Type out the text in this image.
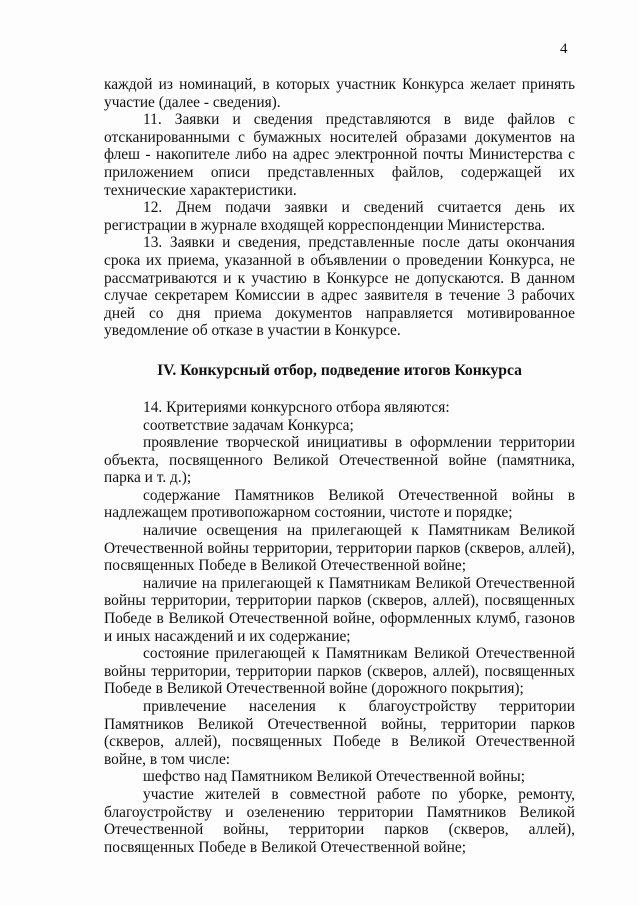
4

каждой из номинаций, в которых участник Конкурса желает принять участие (далее - сведения).

11. Заявки и сведения представляются в виде файлов с отсканированными с бумажных носителей образами документов на флеш - накопителе либо на адрес электронной почты Министерства с приложением описи представленных файлов, содержащей их технические характеристики.

12. Днем подачи заявки и сведений считается день их регистрации в журнале входящей корреспонденции Министерства.

13. Заявки и сведения, представленные после даты окончания срока их приема, указанной в объявлении о проведении Конкурса, не рассматриваются и к участию в Конкурсе не допускаются. В данном случае секретарем Комиссии в адрес заявителя в течение 3 рабочих дней со дня приема документов направляется мотивированное уведомление об отказе в участии в Конкурсе.

IV. Конкурсный отбор, подведение итогов Конкурса

14. Критериями конкурсного отбора являются:

соответствие задачам Конкурса;

проявление творческой инициативы в оформлении территории объекта, посвященного Великой Отечественной войне (памятника, парка и т. д.);

содержание Памятников Великой Отечественной войны в надлежащем противопожарном состоянии, чистоте и порядке;

наличие освещения на прилегающей к Памятникам Великой Отечественной войны территории, территории парков (скверов, аллей), посвященных Победе в Великой Отечественной войне;

наличие на прилегающей к Памятникам Великой Отечественной войны территории, территории парков (скверов, аллей), посвященных Победе в Великой Отечественной войне, оформленных клумб, газонов и иных насаждений и их содержание;

состояние прилегающей к Памятникам Великой Отечественной войны территории, территории парков (скверов, аллей), посвященных Победе в Великой Отечественной войне (дорожного покрытия);

привлечение населения к благоустройству территории Памятников Великой Отечественной войны, территории парков (скверов, аллей), посвященных Победе в Великой Отечественной войне, в том числе:

шефство над Памятником Великой Отечественной войны;

участие жителей в совместной работе по уборке, ремонту, благоустройству и озеленению территории Памятников Великой Отечественной войны, территории парков (скверов, аллей), посвященных Победе в Великой Отечественной войне;
